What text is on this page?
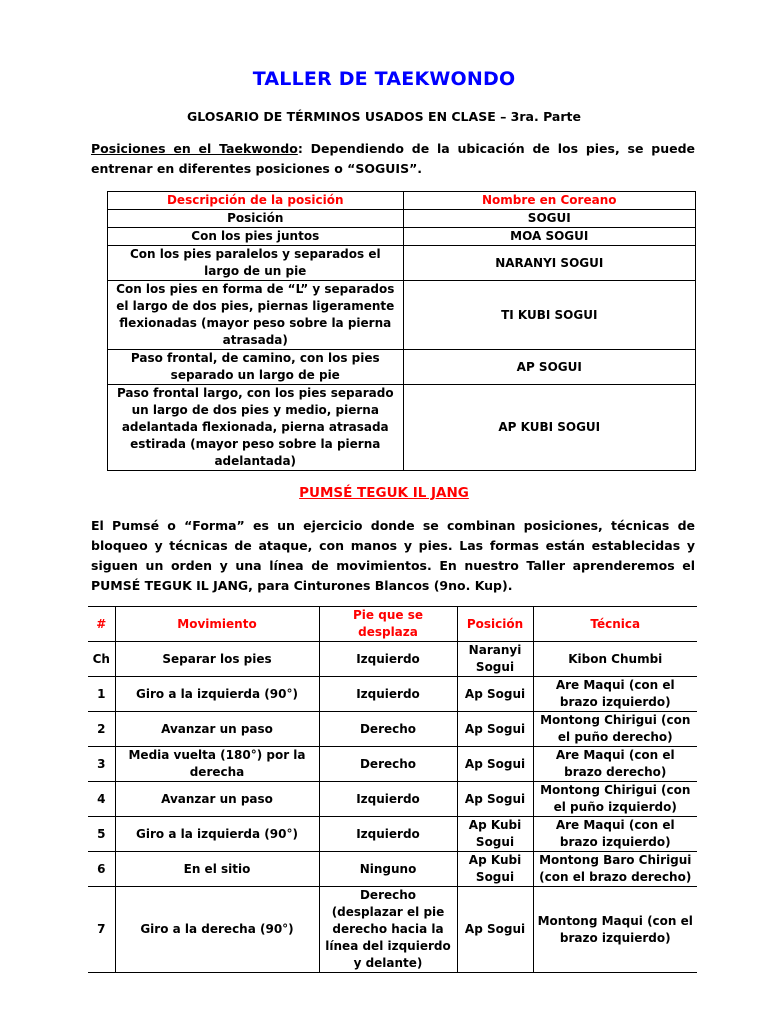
TALLER DE TAEKWONDO
GLOSARIO DE TÉRMINOS USADOS EN CLASE – 3ra. Parte
Posiciones en el Taekwondo: Dependiendo de la ubicación de los pies, se puede entrenar en diferentes posiciones o “SOGUIS”.
Descripción de la posición	Nombre en Coreano
Posición	SOGUI
Con los pies juntos	MOA SOGUI
Con los pies paralelos y separados el largo de un pie	NARANYI SOGUI
Con los pies en forma de “L” y separados el largo de dos pies, piernas ligeramente flexionadas (mayor peso sobre la pierna atrasada)	TI KUBI SOGUI
Paso frontal, de camino, con los pies separado un largo de pie	AP SOGUI
Paso frontal largo, con los pies separado un largo de dos pies y medio, pierna adelantada flexionada, pierna atrasada estirada (mayor peso sobre la pierna adelantada)	AP KUBI SOGUI
PUMSÉ TEGUK IL JANG
El Pumsé o “Forma” es un ejercicio donde se combinan posiciones, técnicas de bloqueo y técnicas de ataque, con manos y pies. Las formas están establecidas y siguen un orden y una línea de movimientos. En nuestro Taller aprenderemos el PUMSÉ TEGUK IL JANG, para Cinturones Blancos (9no. Kup).
#	Movimiento	Pie que se desplaza	Posición	Técnica
Ch	Separar los pies	Izquierdo	Naranyi Sogui	Kibon Chumbi
1	Giro a la izquierda (90°)	Izquierdo	Ap Sogui	Are Maqui (con el brazo izquierdo)
2	Avanzar un paso	Derecho	Ap Sogui	Montong Chirigui (con el puño derecho)
3	Media vuelta (180°) por la derecha	Derecho	Ap Sogui	Are Maqui (con el brazo derecho)
4	Avanzar un paso	Izquierdo	Ap Sogui	Montong Chirigui (con el puño izquierdo)
5	Giro a la izquierda (90°)	Izquierdo	Ap Kubi Sogui	Are Maqui (con el brazo izquierdo)
6	En el sitio	Ninguno	Ap Kubi Sogui	Montong Baro Chirigui (con el brazo derecho)
7	Giro a la derecha (90°)	Derecho (desplazar el pie derecho hacia la línea del izquierdo y delante)	Ap Sogui	Montong Maqui (con el brazo izquierdo)
